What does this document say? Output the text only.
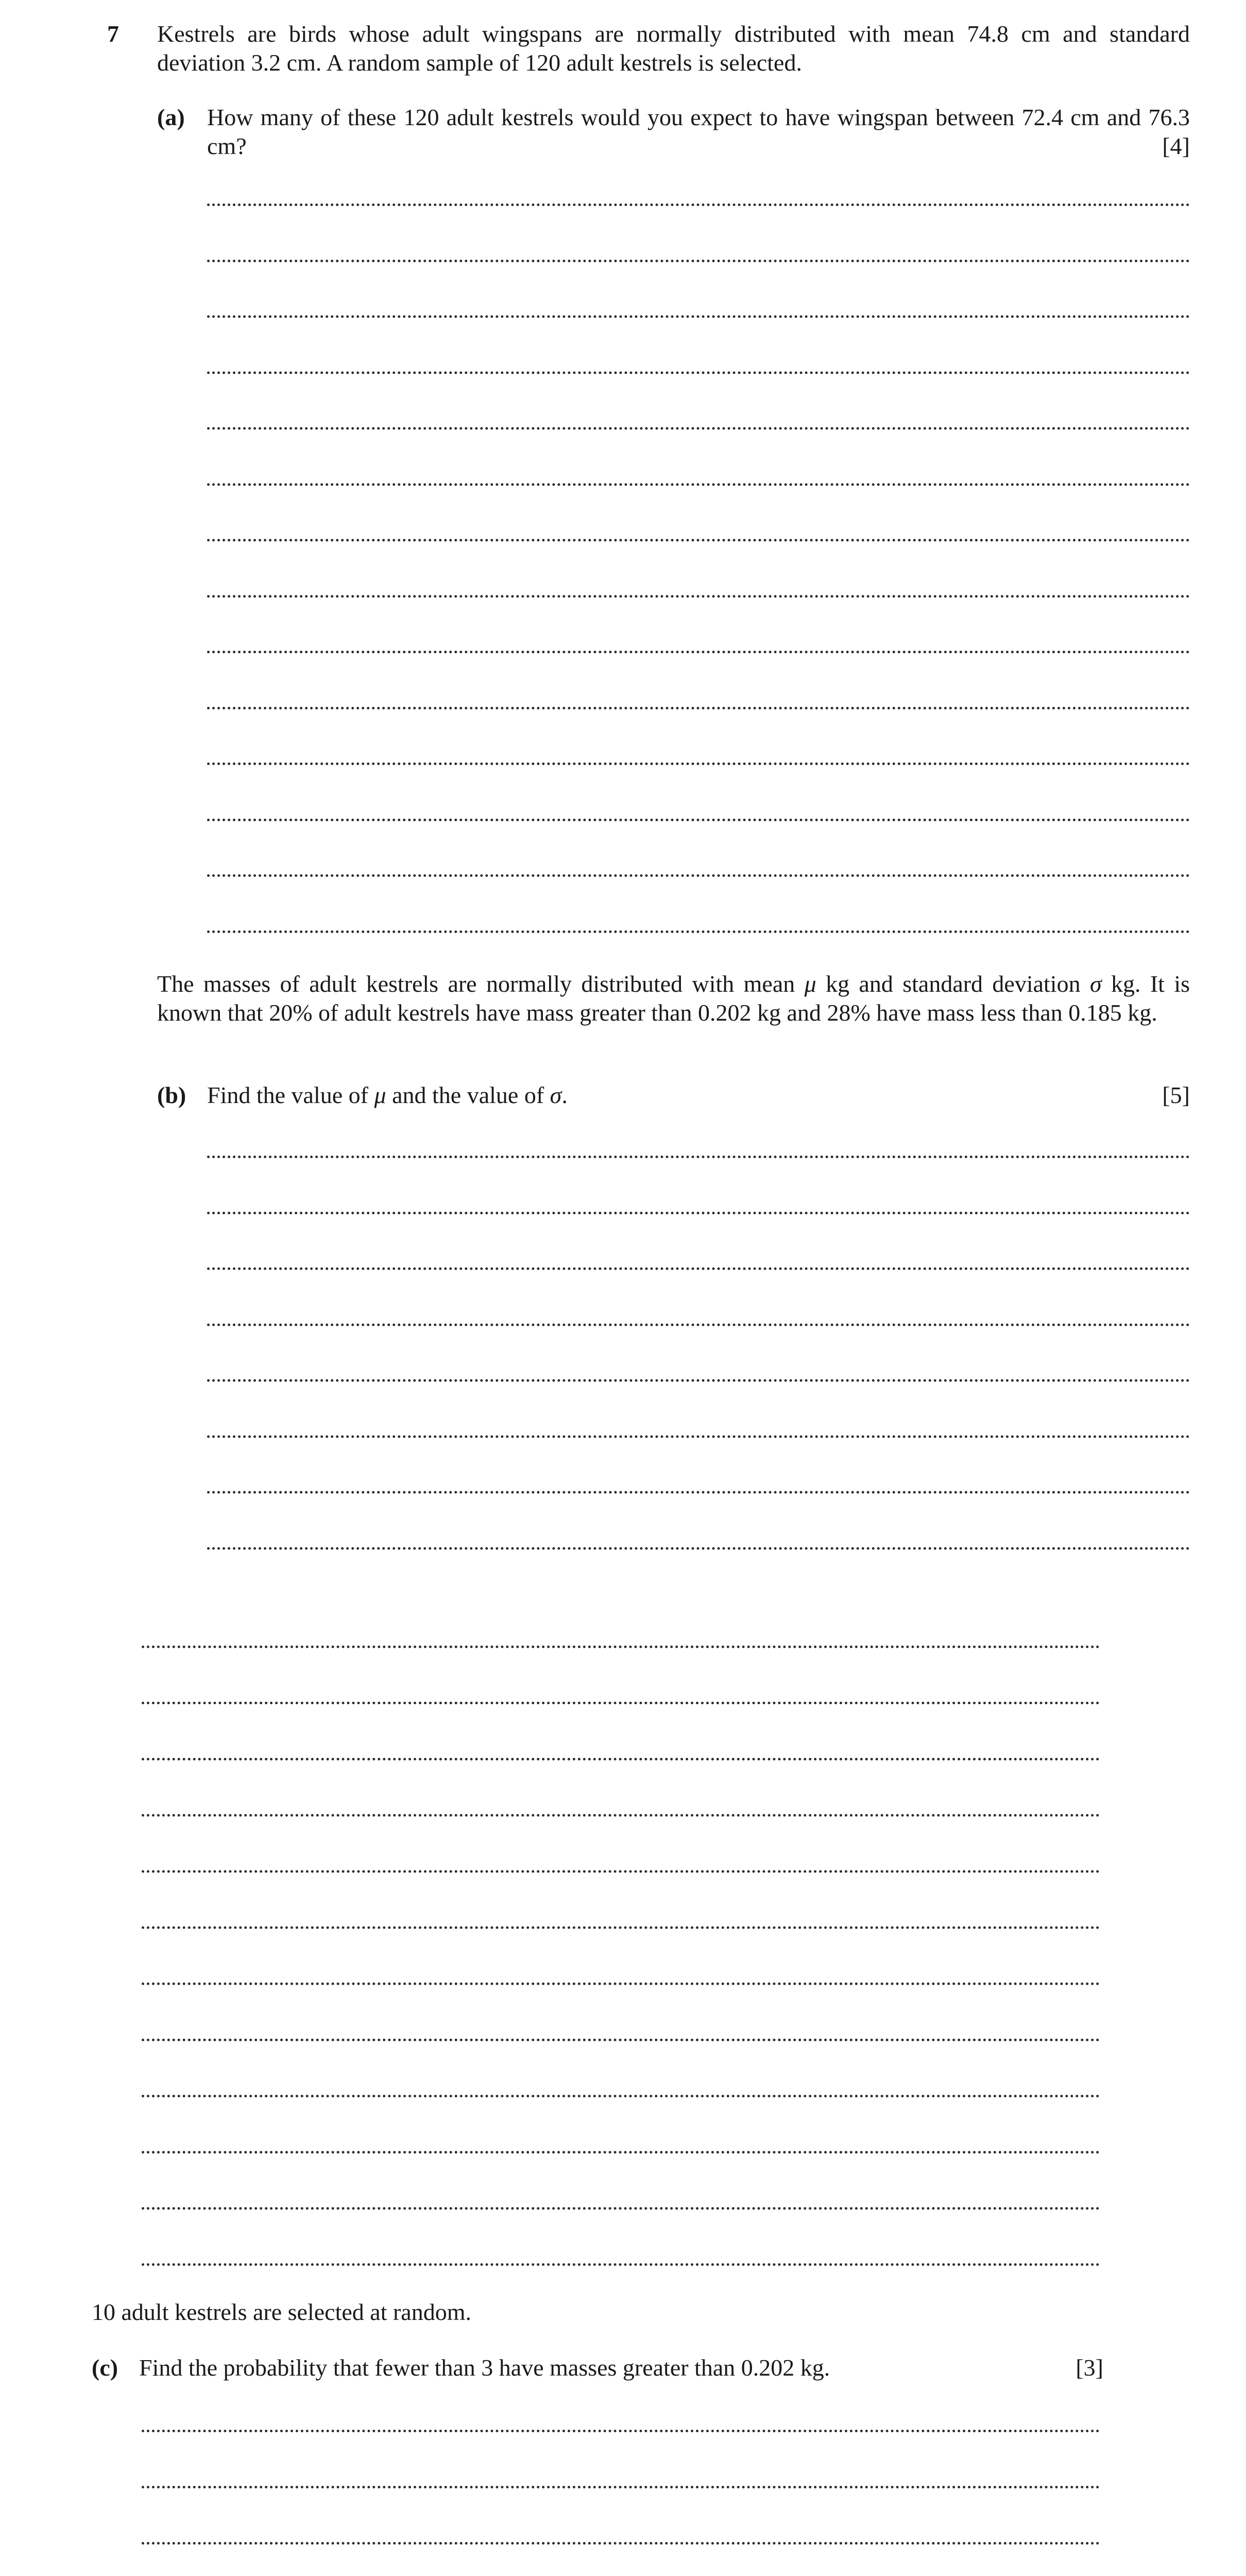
7 Kestrels are birds whose adult wingspans are normally distributed with mean 74.8 cm and standard deviation 3.2 cm. A random sample of 120 adult kestrels is selected.
(a) How many of these 120 adult kestrels would you expect to have wingspan between 72.4 cm and 76.3 cm?	[4]
The masses of adult kestrels are normally distributed with mean μ kg and standard deviation σ kg. It is known that 20% of adult kestrels have mass greater than 0.202 kg and 28% have mass less than 0.185 kg.
(b) Find the value of μ and the value of σ.	[5]
10 adult kestrels are selected at random.
(c) Find the probability that fewer than 3 have masses greater than 0.202 kg.	[3]
